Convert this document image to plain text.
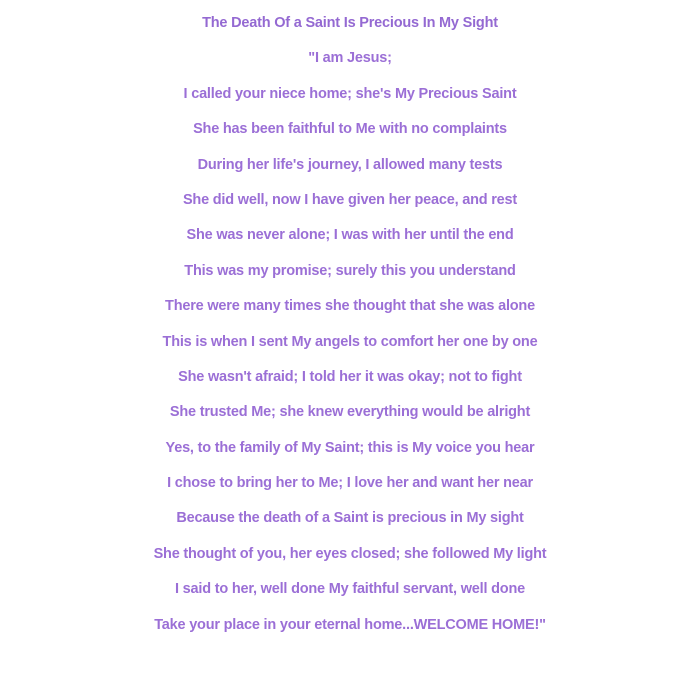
The Death Of a Saint Is Precious In My Sight
"I am Jesus;
I called your niece home; she's My Precious Saint
She has been faithful to Me with no complaints
During her life's journey, I allowed many tests
She did well, now I have given her peace, and rest
She was never alone; I was with her until the end
This was my promise; surely this you understand
There were many times she thought that she was alone
This is when I sent My angels to comfort her one by one
She wasn't afraid; I told her it was okay; not to fight
She trusted Me; she knew everything would be alright
Yes, to the family of My Saint; this is My voice you hear
I chose to bring her to Me; I love her and want her near
Because the death of a Saint is precious in My sight
She thought of you, her eyes closed; she followed My light
I said to her, well done My faithful servant, well done
Take your place in your eternal home...WELCOME HOME!"
